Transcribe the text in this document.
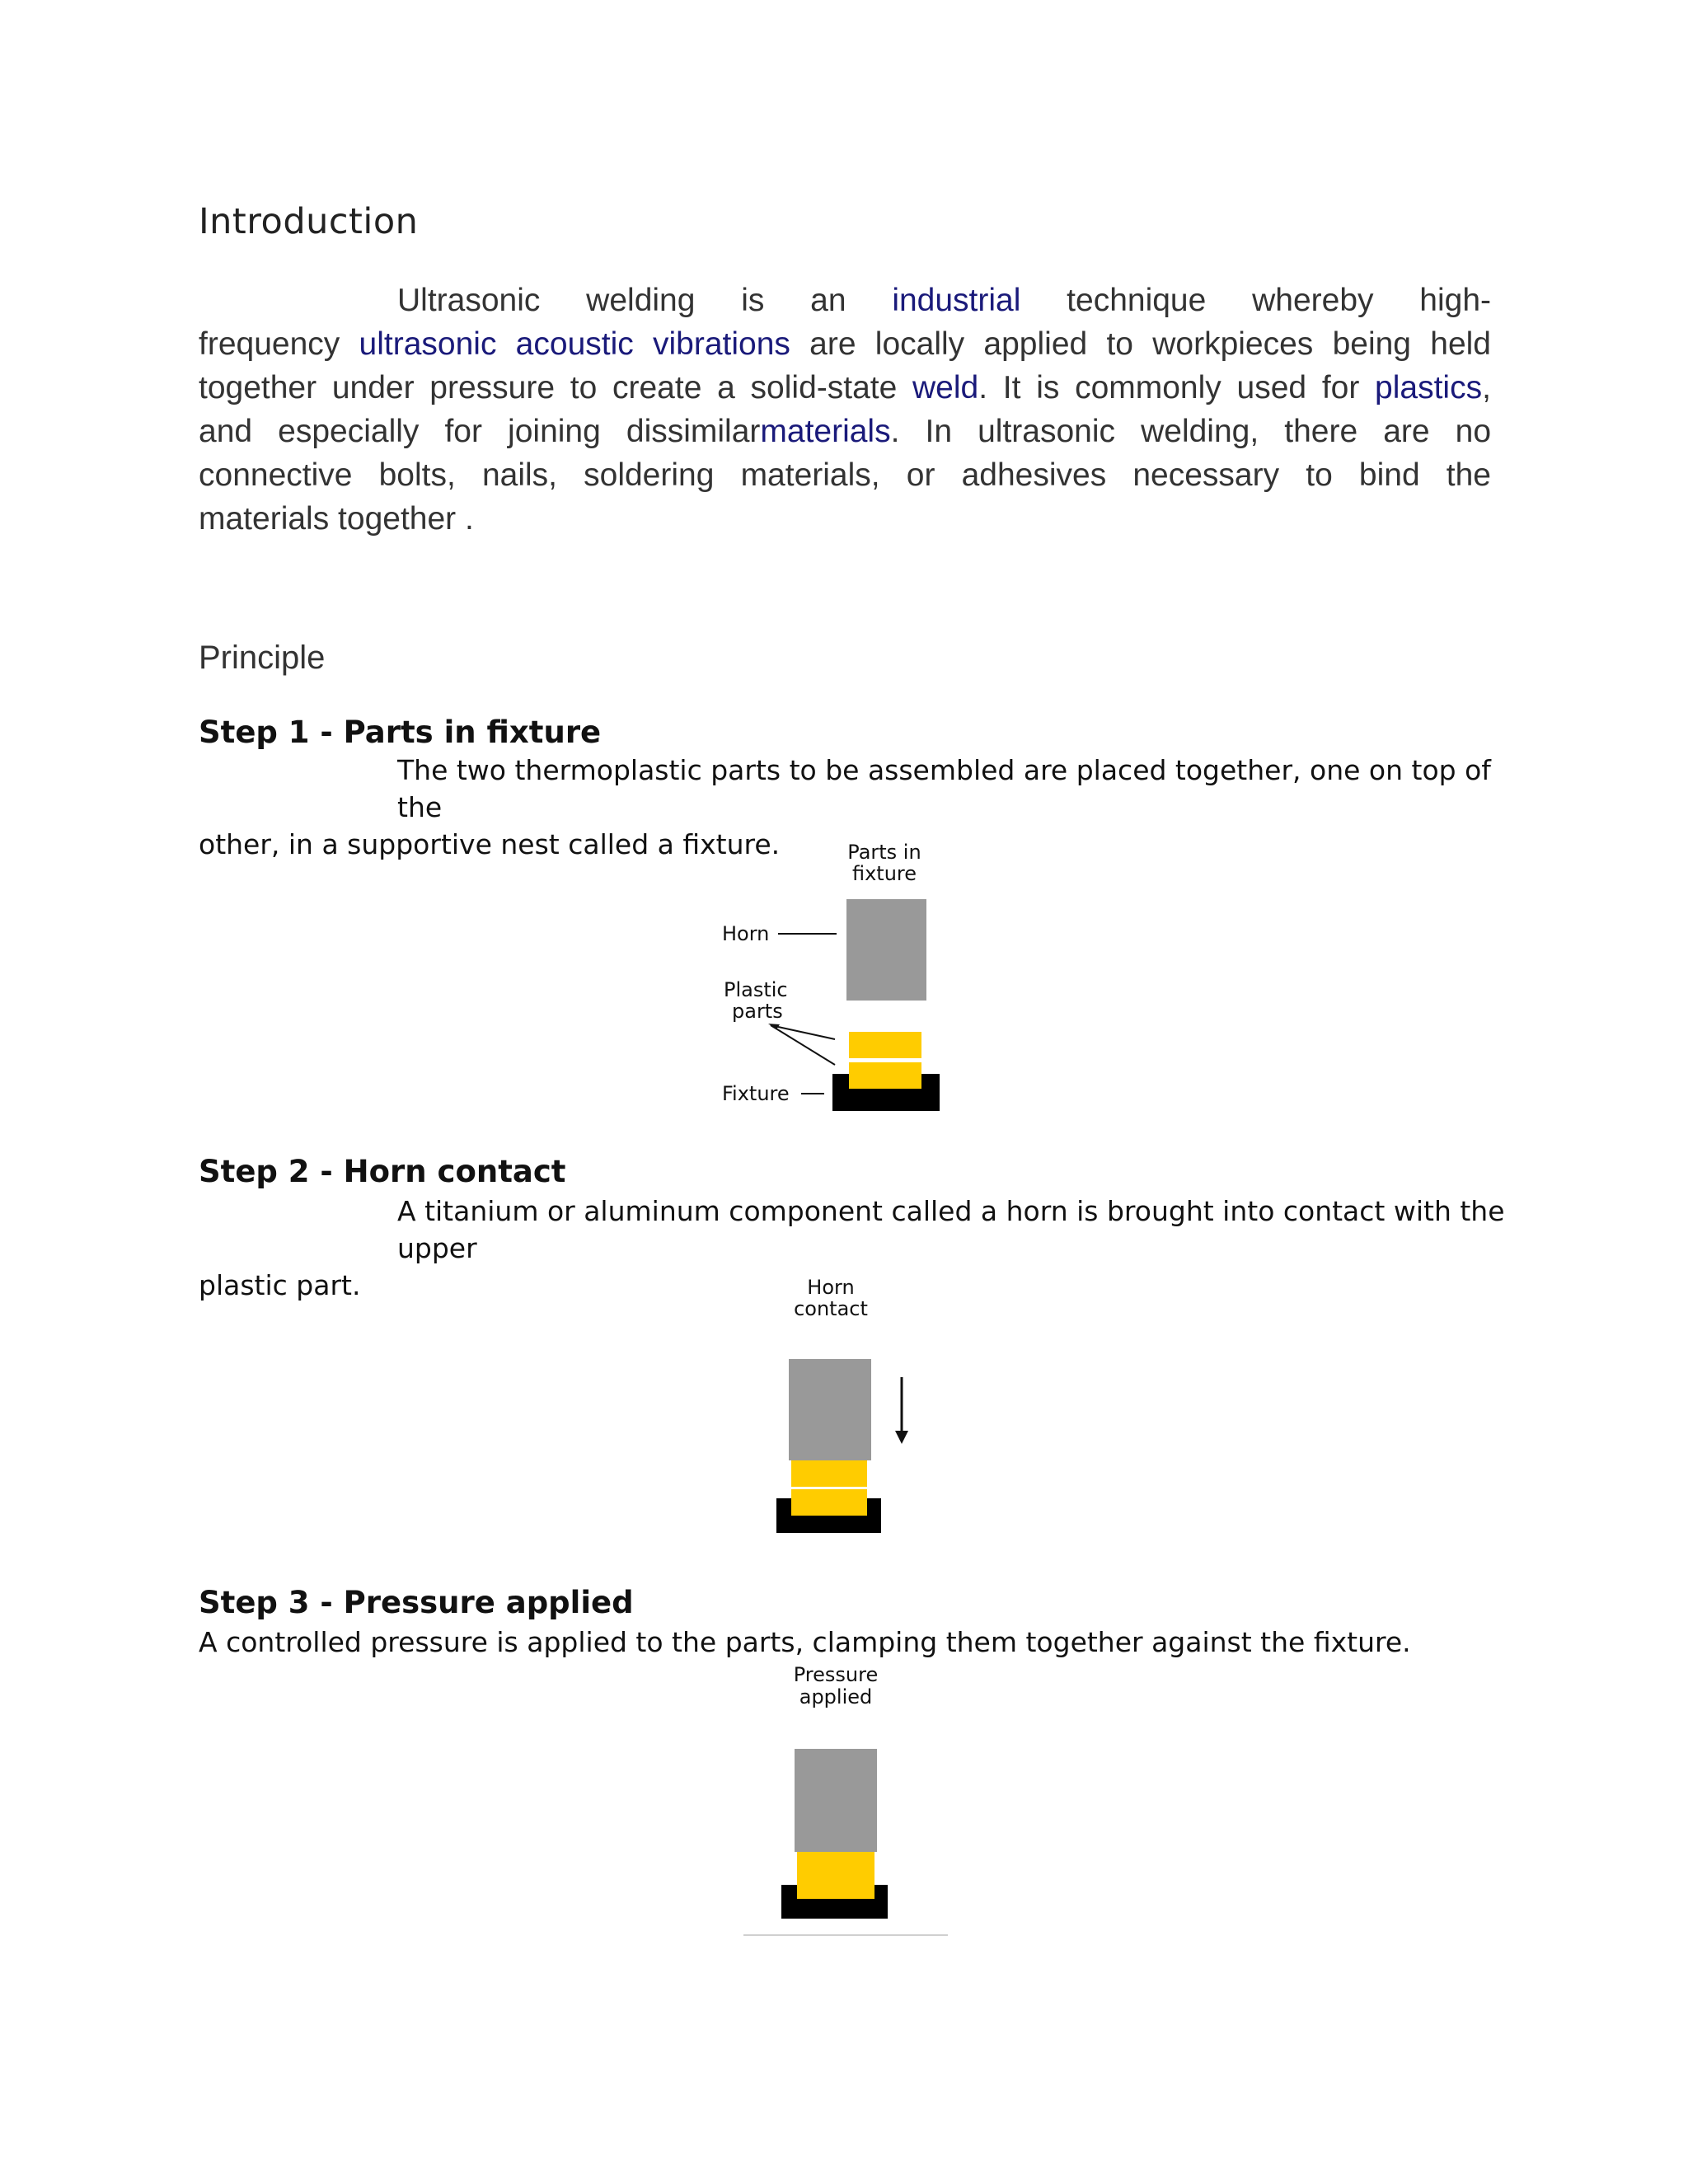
Introduction
Ultrasonic welding is an industrial technique whereby high-
frequency ultrasonic acoustic vibrations are locally applied to workpieces being held
together under pressure to create a solid-state weld. It is commonly used for plastics,
and especially for joining dissimilarmaterials. In ultrasonic welding, there are no
connective bolts, nails, soldering materials, or adhesives necessary to bind the
materials together .
Principle
Step 1 - Parts in fixture
The two thermoplastic parts to be assembled are placed together, one on top of the
other, in a supportive nest called a fixture.	Parts in
fixture
Horn
Plastic
parts
Fixture
Step 2 - Horn contact
A titanium or aluminum component called a horn is brought into contact with the upper
plastic part.	Horn
contact
Step 3 - Pressure applied
A controlled pressure is applied to the parts, clamping them together against the fixture.
Pressure
applied
